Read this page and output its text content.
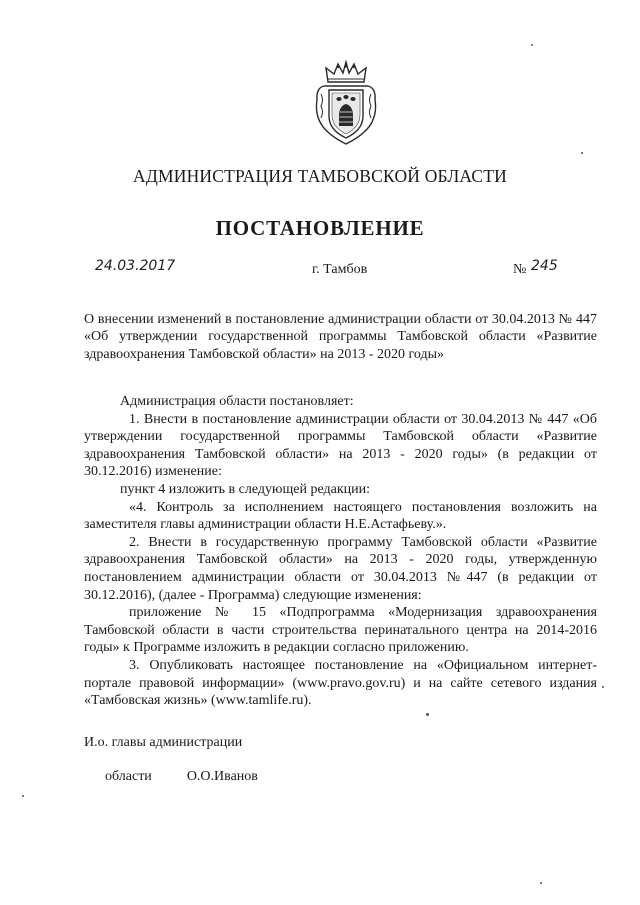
АДМИНИСТРАЦИЯ ТАМБОВСКОЙ ОБЛАСТИ
ПОСТАНОВЛЕНИЕ
24.03.2017	г. Тамбов	№ 245
О внесении изменений в постановление администрации области от 30.04.2013 № 447 «Об утверждении государственной программы Тамбовской области «Развитие здравоохранения Тамбовской области» на 2013 - 2020 годы»

Администрация области постановляет:

1. Внести в постановление администрации области от 30.04.2013 № 447 «Об утверждении государственной программы Тамбовской области «Развитие здравоохранения Тамбовской области» на 2013 - 2020 годы» (в редакции от 30.12.2016) изменение:

пункт 4 изложить в следующей редакции:

«4. Контроль за исполнением настоящего постановления возложить на заместителя главы администрации области Н.Е.Астафьеву.».

2. Внести в государственную программу Тамбовской области «Развитие здравоохранения Тамбовской области» на 2013 - 2020 годы, утвержденную постановлением администрации области от 30.04.2013 №447 (в редакции от 30.12.2016), (далее - Программа) следующие изменения:

приложение № 15 «Подпрограмма «Модернизация здравоохранения Тамбовской области в части строительства перинатального центра на 2014-2016 годы» к Программе изложить в редакции согласно приложению.

3. Опубликовать настоящее постановление на «Официальном интернет-портале правовой информации» (www.pravo.gov.ru) и на сайте сетевого издания «Тамбовская жизнь» (www.tamlife.ru).

И.о. главы администрации

области	О.О.Иванов
